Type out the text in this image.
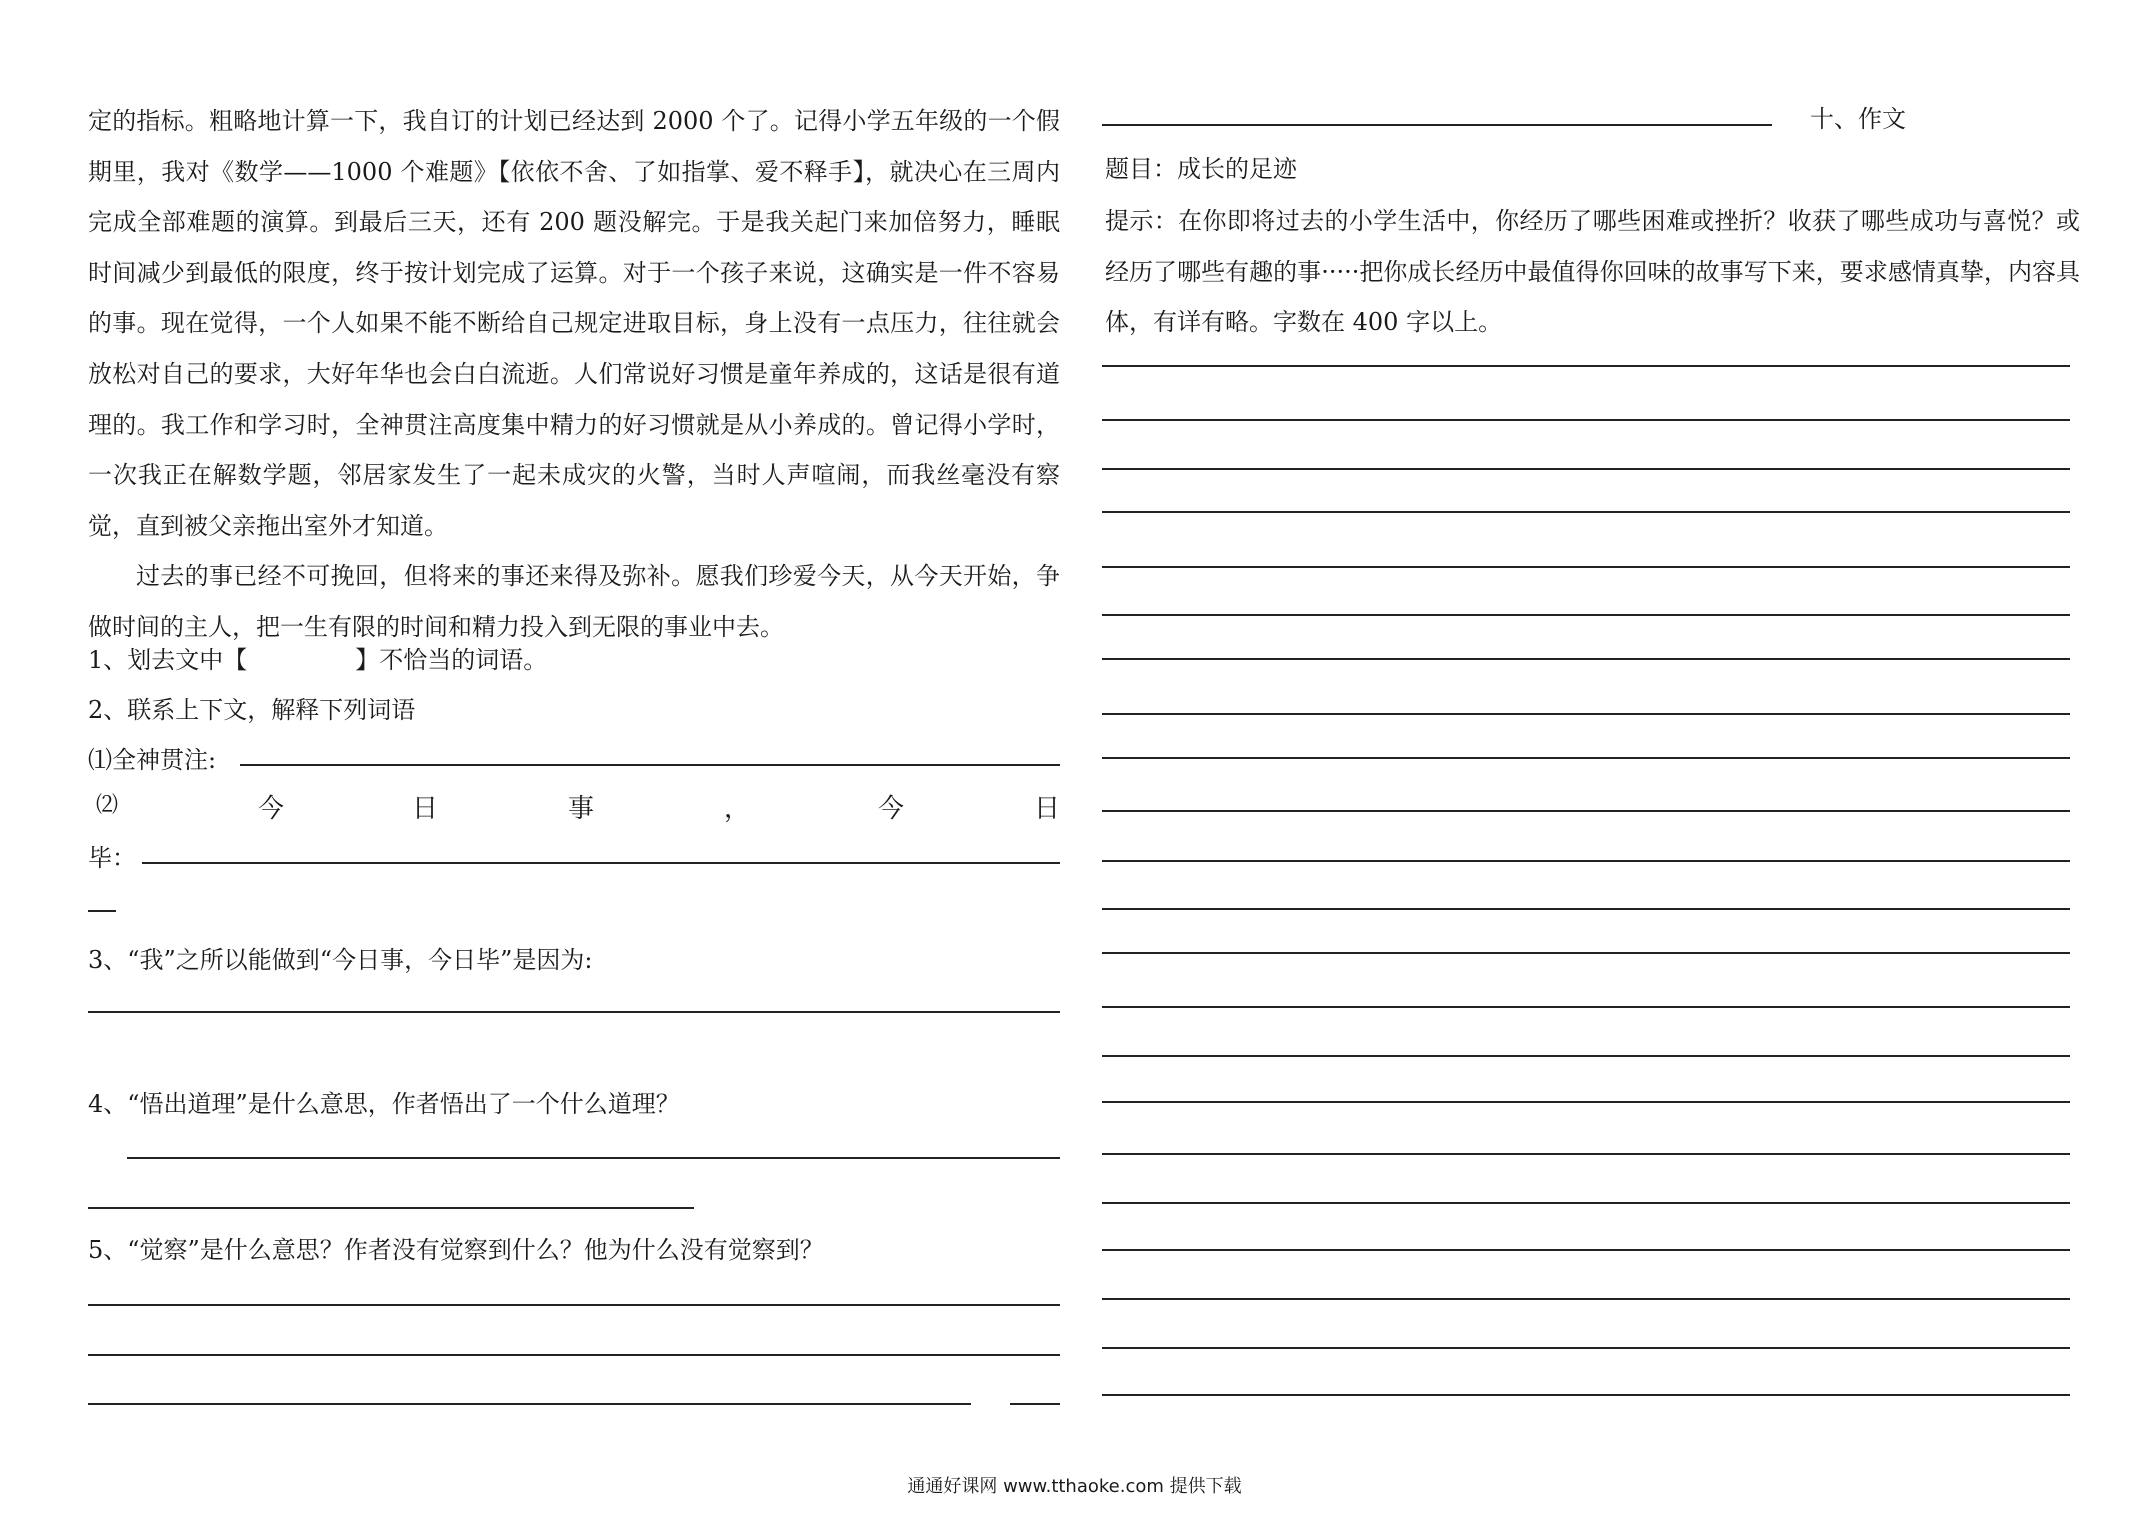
定的指标。粗略地计算一下，我自订的计划已经达到 2000 个了。记得小学五年级的一个假期里，我对《数学——1000 个难题》【依依不舍、了如指掌、爱不释手】，就决心在三周内完成全部难题的演算。到最后三天，还有 200 题没解完。于是我关起门来加倍努力，睡眠时间减少到最低的限度，终于按计划完成了运算。对于一个孩子来说，这确实是一件不容易的事。现在觉得，一个人如果不能不断给自己规定进取目标，身上没有一点压力，往往就会放松对自己的要求，大好年华也会白白流逝。人们常说好习惯是童年养成的，这话是很有道理的。我工作和学习时，全神贯注高度集中精力的好习惯就是从小养成的。曾记得小学时，一次我正在解数学题，邻居家发生了一起未成灾的火警，当时人声喧闹，而我丝毫没有察觉，直到被父亲拖出室外才知道。

过去的事已经不可挽回，但将来的事还来得及弥补。愿我们珍爱今天，从今天开始，争做时间的主人，把一生有限的时间和精力投入到无限的事业中去。

1、划去文中【	】不恰当的词语。
2、联系上下文，解释下列词语
⑴全神贯注:
⑵	今	日	事	，	今	日
毕：
3、“我”之所以能做到“今日事，今日毕”是因为:
4、“悟出道理”是什么意思，作者悟出了一个什么道理？
5、“觉察”是什么意思？作者没有觉察到什么？他为什么没有觉察到？
十、作文
题目：成长的足迹

提示：在你即将过去的小学生活中，你经历了哪些困难或挫折？收获了哪些成功与喜悦？或经历了哪些有趣的事·····把你成长经历中最值得你回味的故事写下来，要求感情真挚，内容具体，有详有略。字数在 400 字以上。

通通好课网 www.tthaoke.com 提供下载
